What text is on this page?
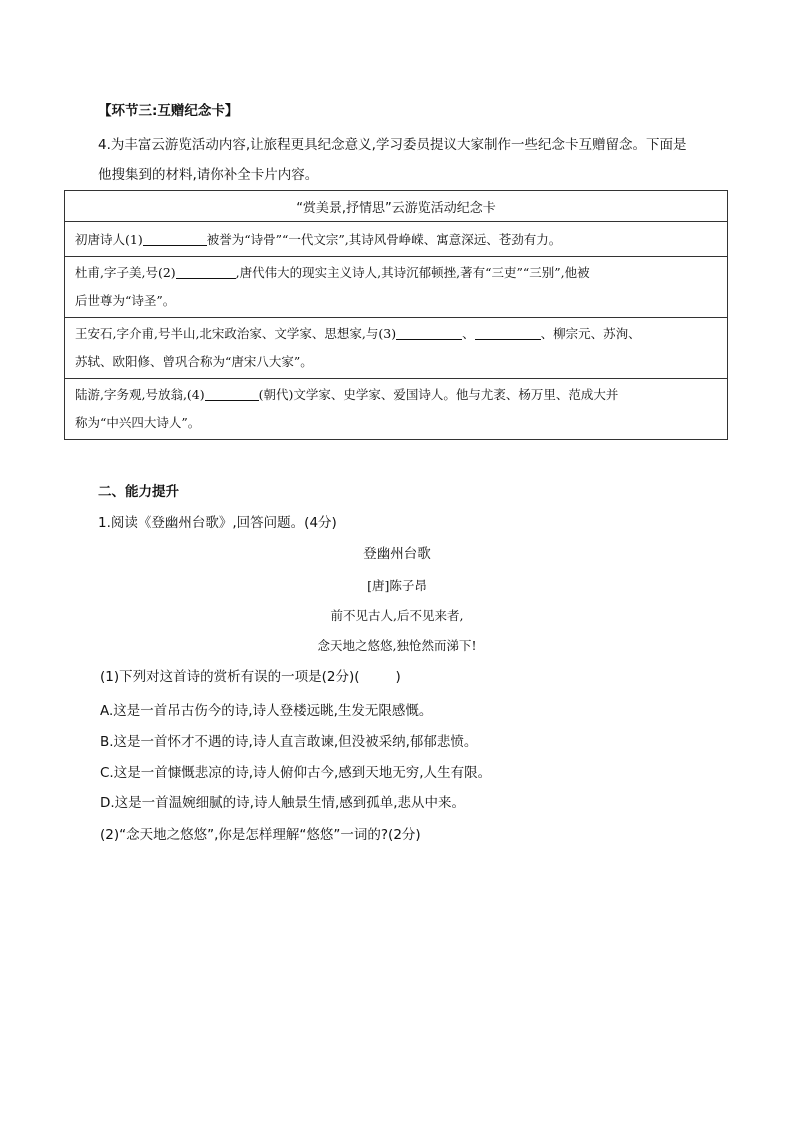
【环节三:互赠纪念卡】
4.为丰富云游览活动内容,让旅程更具纪念意义,学习委员提议大家制作一些纪念卡互赠留念。下面是
他搜集到的材料,请你补全卡片内容。
“赏美景,抒情思”云游览活动纪念卡
初唐诗人(1)	被誉为“诗骨”“一代文宗”,其诗风骨峥嵘、寓意深远、苍劲有力。
杜甫,字子美,号(2)	,唐代伟大的现实主义诗人,其诗沉郁顿挫,著有“三吏”“三别”,他被
后世尊为“诗圣”。
王安石,字介甫,号半山,北宋政治家、文学家、思想家,与(3)	、	、柳宗元、苏洵、
苏轼、欧阳修、曾巩合称为“唐宋八大家”。
陆游,字务观,号放翁,(4)	(朝代)文学家、史学家、爱国诗人。他与尤袤、杨万里、范成大并
称为“中兴四大诗人”。
二、能力提升
1.阅读《登幽州台歌》,回答问题。(4分)
登幽州台歌
[唐]陈子昂
前不见古人,后不见来者,
念天地之悠悠,独怆然而涕下!
(1)下列对这首诗的赏析有误的一项是(2分)(	)
A.这是一首吊古伤今的诗,诗人登楼远眺,生发无限感慨。
B.这是一首怀才不遇的诗,诗人直言敢谏,但没被采纳,郁郁悲愤。
C.这是一首慷慨悲凉的诗,诗人俯仰古今,感到天地无穷,人生有限。
D.这是一首温婉细腻的诗,诗人触景生情,感到孤单,悲从中来。
(2)“念天地之悠悠”,你是怎样理解“悠悠”一词的?(2分)
